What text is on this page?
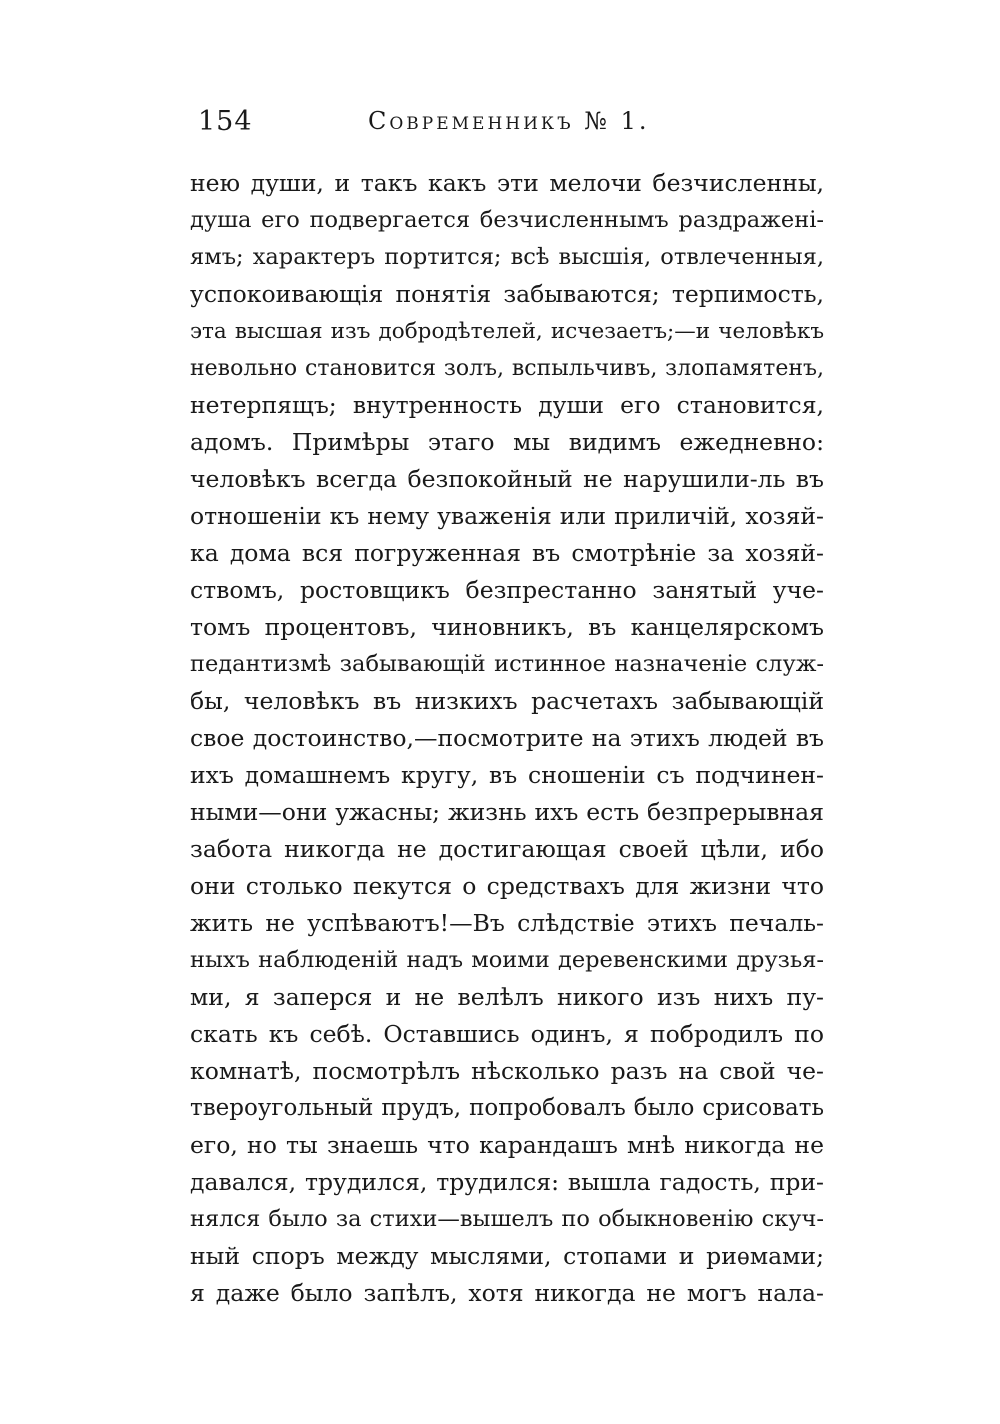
154	Современникъ № 1.
нею души, и такъ какъ эти мелочи безчисленны,
душа его подвергается безчисленнымъ раздражені-
ямъ; характеръ портится; всѣ высшія, отвлеченныя,
успокоивающія понятія забываются; терпимость,
эта высшая изъ добродѣтелей, исчезаетъ;—и человѣкъ
невольно становится золъ, вспыльчивъ, злопамятенъ,
нетерпящъ; внутренность души его становится,
адомъ. Примѣры этаго мы видимъ ежедневно:
человѣкъ всегда безпокойный не нарушили-ль въ
отношеніи къ нему уваженія или приличій, хозяй-
ка дома вся погруженная въ смотрѣніе за хозяй-
ствомъ, ростовщикъ безпрестанно занятый уче-
томъ процентовъ, чиновникъ, въ канцелярскомъ
педантизмѣ забывающій истинное назначеніе служ-
бы, человѣкъ въ низкихъ расчетахъ забывающій
свое достоинство,—посмотрите на этихъ людей въ
ихъ домашнемъ кругу, въ сношеніи съ подчинен-
ными—они ужасны; жизнь ихъ есть безпрерывная
забота никогда не достигающая своей цѣли, ибо
они столько пекутся о средствахъ для жизни что
жить не успѣваютъ!—Въ слѣдствіе этихъ печаль-
ныхъ наблюденій надъ моими деревенскими друзья-
ми, я заперся и не велѣлъ никого изъ нихъ пу-
скать къ себѣ. Оставшись одинъ, я побродилъ по
комнатѣ, посмотрѣлъ нѣсколько разъ на свой че-
твероугольный прудъ, попробовалъ было срисовать
его, но ты знаешь что карандашъ мнѣ никогда не
давался, трудился, трудился: вышла гадость, при-
нялся было за стихи—вышелъ по обыкновенію скуч-
ный споръ между мыслями, стопами и риѳмами;
я даже было запѣлъ, хотя никогда не могъ нала-
